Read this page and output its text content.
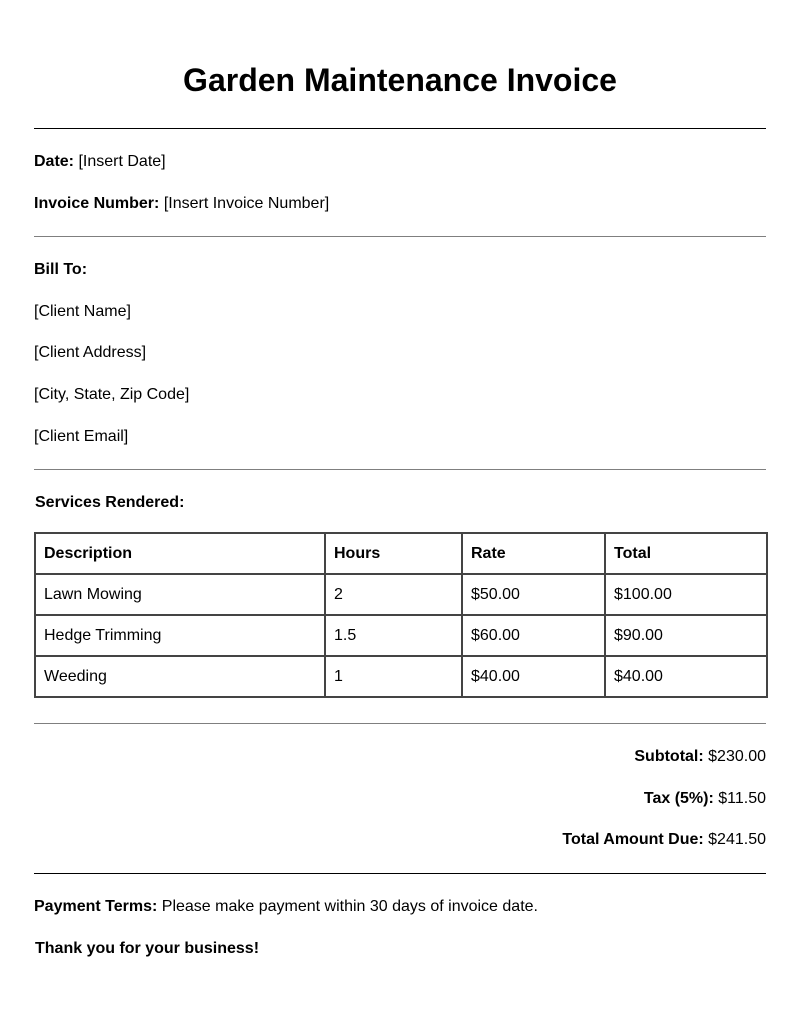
Garden Maintenance Invoice
Date: [Insert Date]
Invoice Number: [Insert Invoice Number]
Bill To:
[Client Name]
[Client Address]
[City, State, Zip Code]
[Client Email]
Services Rendered:
Description	Hours	Rate	Total
Lawn Mowing	2	$50.00	$100.00
Hedge Trimming	1.5	$60.00	$90.00
Weeding	1	$40.00	$40.00
Subtotal: $230.00
Tax (5%): $11.50
Total Amount Due: $241.50
Payment Terms: Please make payment within 30 days of invoice date.
Thank you for your business!
